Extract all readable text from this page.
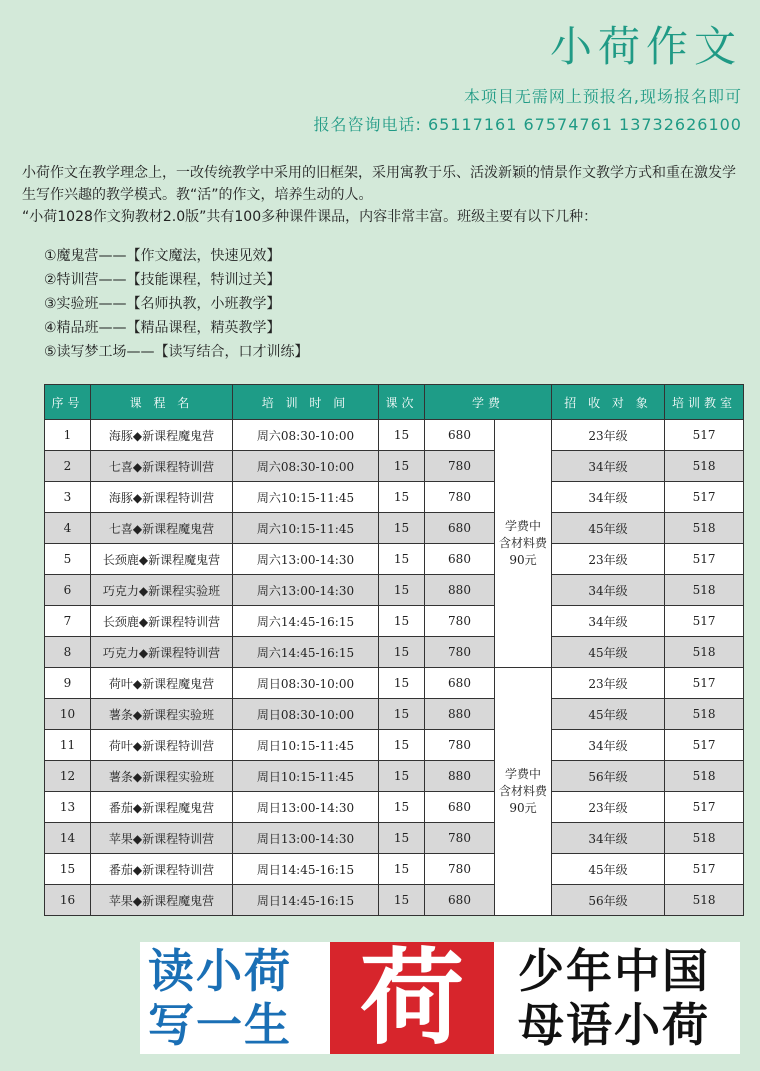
小荷作文
本项目无需网上预报名,现场报名即可
报名咨询电话: 65117161 67574761 13732626100

小荷作文在教学理念上，一改传统教学中采用的旧框架，采用寓教于乐、活泼新颖的情景作文教学方式和重在激发学生写作兴趣的教学模式。教“活”的作文，培养生动的人。

“小荷1028作文狗教材2.0版”共有100多种课件课品，内容非常丰富。班级主要有以下几种：

①魔鬼营——【作文魔法，快速见效】
②特训营——【技能课程，特训过关】
③实验班——【名师执教，小班教学】
④精品班——【精品课程，精英教学】
⑤读写梦工场——【读写结合，口才训练】
序号	课 程 名	培 训 时 间	课次	学费		招 收 对 象	培训教室
1	海豚◆新课程魔鬼营	周六08:30-10:00	15	680	学费中
含材料费
90元	23年级	517
2	七喜◆新课程特训营	周六08:30-10:00	15	780		34年级	518
3	海豚◆新课程特训营	周六10:15-11:45	15	780		34年级	517
4	七喜◆新课程魔鬼营	周六10:15-11:45	15	680		45年级	518
5	长颈鹿◆新课程魔鬼营	周六13:00-14:30	15	680		23年级	517
6	巧克力◆新课程实验班	周六13:00-14:30	15	880		34年级	518
7	长颈鹿◆新课程特训营	周六14:45-16:15	15	780		34年级	517
8	巧克力◆新课程特训营	周六14:45-16:15	15	780		45年级	518
9	荷叶◆新课程魔鬼营	周日08:30-10:00	15	680	学费中
含材料费
90元	23年级	517
10	薯条◆新课程实验班	周日08:30-10:00	15	880		45年级	518
11	荷叶◆新课程特训营	周日10:15-11:45	15	780		34年级	517
12	薯条◆新课程实验班	周日10:15-11:45	15	880		56年级	518
13	番茄◆新课程魔鬼营	周日13:00-14:30	15	680		23年级	517
14	苹果◆新课程特训营	周日13:00-14:30	15	780		34年级	518
15	番茄◆新课程特训营	周日14:45-16:15	15	780		45年级	517
16	苹果◆新课程魔鬼营	周日14:45-16:15	15	680		56年级	518
读小荷
写一生 荷	少年中国
母语小荷
